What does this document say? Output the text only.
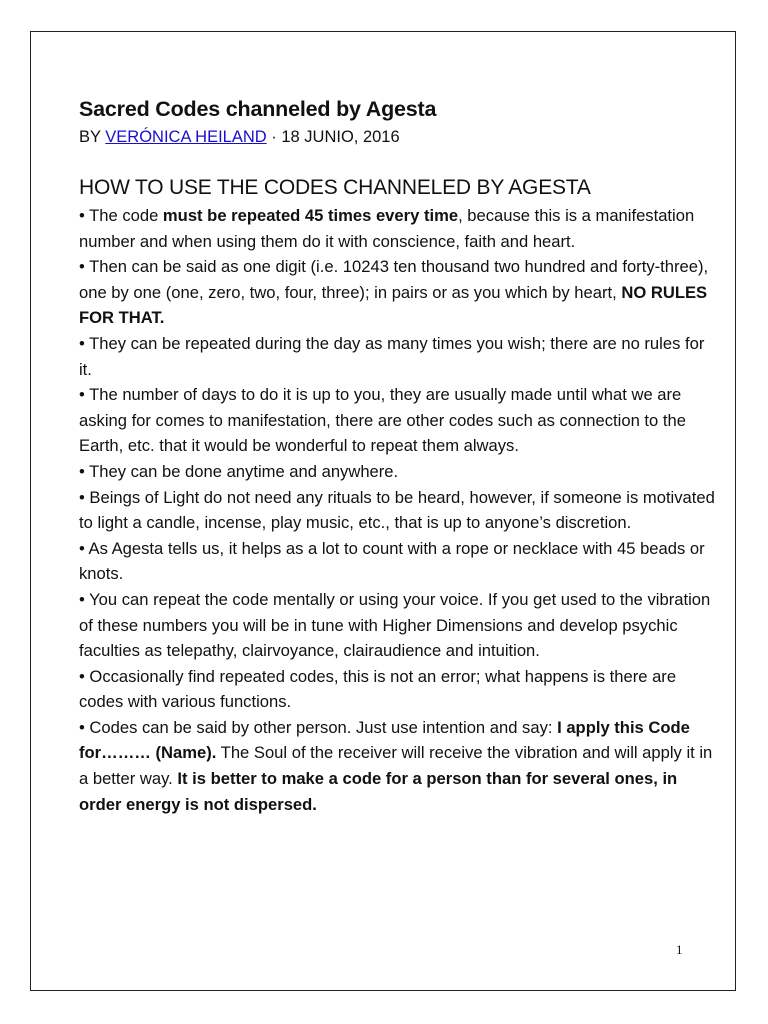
Sacred Codes channeled by Agesta

BY VERÓNICA HEILAND · 18 JUNIO, 2016

HOW TO USE THE CODES CHANNELED BY AGESTA

• The code must be repeated 45 times every time, because this is a manifestation number and when using them do it with conscience, faith and heart.

• Then can be said as one digit (i.e. 10243 ten thousand two hundred and forty-three), one by one (one, zero, two, four, three); in pairs or as you which by heart, NO RULES FOR THAT.

• They can be repeated during the day as many times you wish; there are no rules for it.

• The number of days to do it is up to you, they are usually made until what we are asking for comes to manifestation, there are other codes such as connection to the Earth, etc. that it would be wonderful to repeat them always.

• They can be done anytime and anywhere.

• Beings of Light do not need any rituals to be heard, however, if someone is motivated to light a candle, incense, play music, etc., that is up to anyone’s discretion.

• As Agesta tells us, it helps as a lot to count with a rope or necklace with 45 beads or knots.

• You can repeat the code mentally or using your voice. If you get used to the vibration of these numbers you will be in tune with Higher Dimensions and develop psychic faculties as telepathy, clairvoyance, clairaudience and intuition.

• Occasionally find repeated codes, this is not an error; what happens is there are codes with various functions.

• Codes can be said by other person. Just use intention and say: I apply this Code for……… (Name). The Soul of the receiver will receive the vibration and will apply it in a better way. It is better to make a code for a person than for several ones, in order energy is not dispersed.

1
